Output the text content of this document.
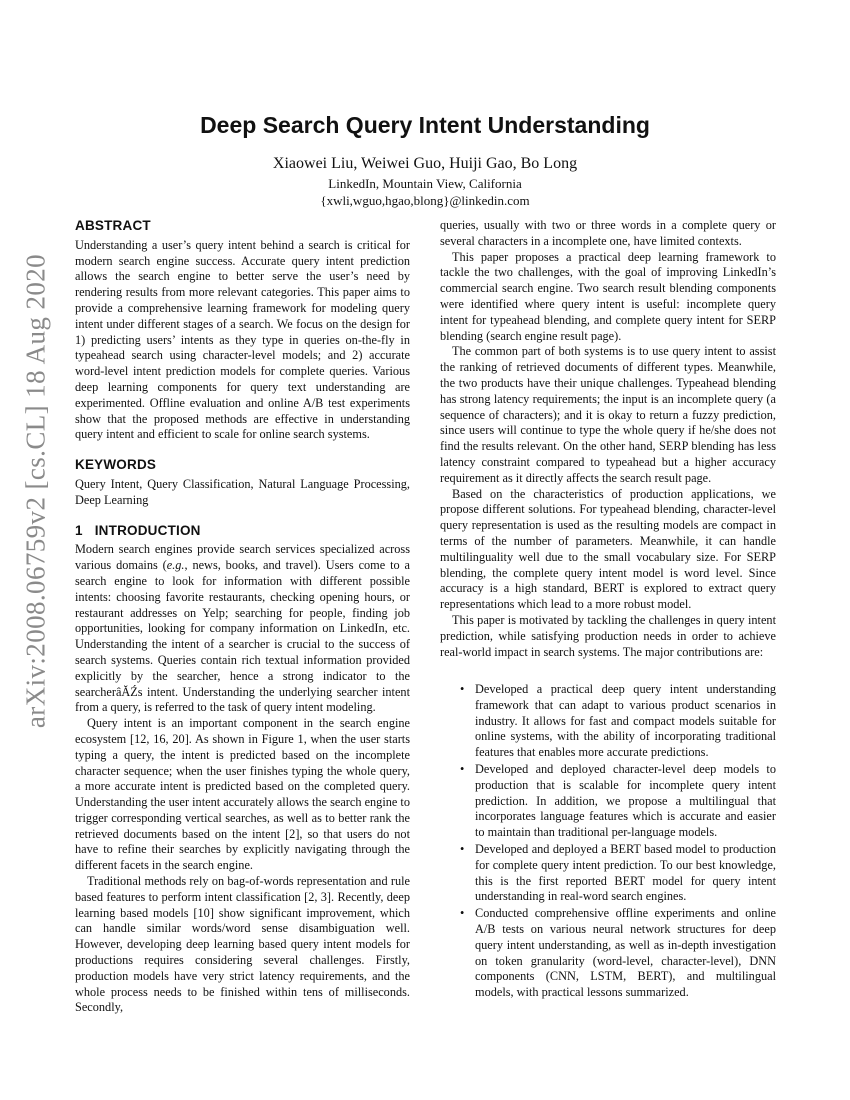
arXiv:2008.06759v2 [cs.CL] 18 Aug 2020
Deep Search Query Intent Understanding
Xiaowei Liu, Weiwei Guo, Huiji Gao, Bo Long
LinkedIn, Mountain View, California
{xwli,wguo,hgao,blong}@linkedin.com
ABSTRACT

Understanding a user’s query intent behind a search is critical for modern search engine success. Accurate query intent prediction allows the search engine to better serve the user’s need by rendering results from more relevant categories. This paper aims to provide a comprehensive learning framework for modeling query intent under different stages of a search. We focus on the design for 1) predicting users’ intents as they type in queries on-the-fly in typeahead search using character-level models; and 2) accurate word-level intent prediction models for complete queries. Various deep learning components for query text understanding are experimented. Offline evaluation and online A/B test experiments show that the proposed methods are effective in understanding query intent and efficient to scale for online search systems.

KEYWORDS

Query Intent, Query Classification, Natural Language Processing, Deep Learning

1 INTRODUCTION

Modern search engines provide search services specialized across various domains (e.g., news, books, and travel). Users come to a search engine to look for information with different possible intents: choosing favorite restaurants, checking opening hours, or restaurant addresses on Yelp; searching for people, finding job opportunities, looking for company information on LinkedIn, etc. Understanding the intent of a searcher is crucial to the success of search systems. Queries contain rich textual information provided explicitly by the searcher, hence a strong indicator to the searcherâĂŹs intent. Understanding the underlying searcher intent from a query, is referred to the task of query intent modeling.

Query intent is an important component in the search engine ecosystem [12, 16, 20]. As shown in Figure 1, when the user starts typing a query, the intent is predicted based on the incomplete character sequence; when the user finishes typing the whole query, a more accurate intent is predicted based on the completed query. Understanding the user intent accurately allows the search engine to trigger corresponding vertical searches, as well as to better rank the retrieved documents based on the intent [2], so that users do not have to refine their searches by explicitly navigating through the different facets in the search engine.

Traditional methods rely on bag-of-words representation and rule based features to perform intent classification [2, 3]. Recently, deep learning based models [10] show significant improvement, which can handle similar words/word sense disambiguation well. However, developing deep learning based query intent models for productions requires considering several challenges. Firstly, production models have very strict latency requirements, and the whole process needs to be finished within tens of milliseconds. Secondly,

queries, usually with two or three words in a complete query or several characters in a incomplete one, have limited contexts.

This paper proposes a practical deep learning framework to tackle the two challenges, with the goal of improving LinkedIn’s commercial search engine. Two search result blending components were identified where query intent is useful: incomplete query intent for typeahead blending, and complete query intent for SERP blending (search engine result page).

The common part of both systems is to use query intent to assist the ranking of retrieved documents of different types. Meanwhile, the two products have their unique challenges. Typeahead blending has strong latency requirements; the input is an incomplete query (a sequence of characters); and it is okay to return a fuzzy prediction, since users will continue to type the whole query if he/she does not find the results relevant. On the other hand, SERP blending has less latency constraint compared to typeahead but a higher accuracy requirement as it directly affects the search result page.

Based on the characteristics of production applications, we propose different solutions. For typeahead blending, character-level query representation is used as the resulting models are compact in terms of the number of parameters. Meanwhile, it can handle multilinguality well due to the small vocabulary size. For SERP blending, the complete query intent model is word level. Since accuracy is a high standard, BERT is explored to extract query representations which lead to a more robust model.

This paper is motivated by tackling the challenges in query intent prediction, while satisfying production needs in order to achieve real-world impact in search systems. The major contributions are:

• Developed a practical deep query intent understanding framework that can adapt to various product scenarios in industry. It allows for fast and compact models suitable for online systems, with the ability of incorporating traditional features that enables more accurate predictions.
• Developed and deployed character-level deep models to production that is scalable for incomplete query intent prediction. In addition, we propose a multilingual that incorporates language features which is accurate and easier to maintain than traditional per-language models.
• Developed and deployed a BERT based model to production for complete query intent prediction. To our best knowledge, this is the first reported BERT model for query intent understanding in real-word search engines.
• Conducted comprehensive offline experiments and online A/B tests on various neural network structures for deep query intent understanding, as well as in-depth investigation on token granularity (word-level, character-level), DNN components (CNN, LSTM, BERT), and multilingual models, with practical lessons summarized.
